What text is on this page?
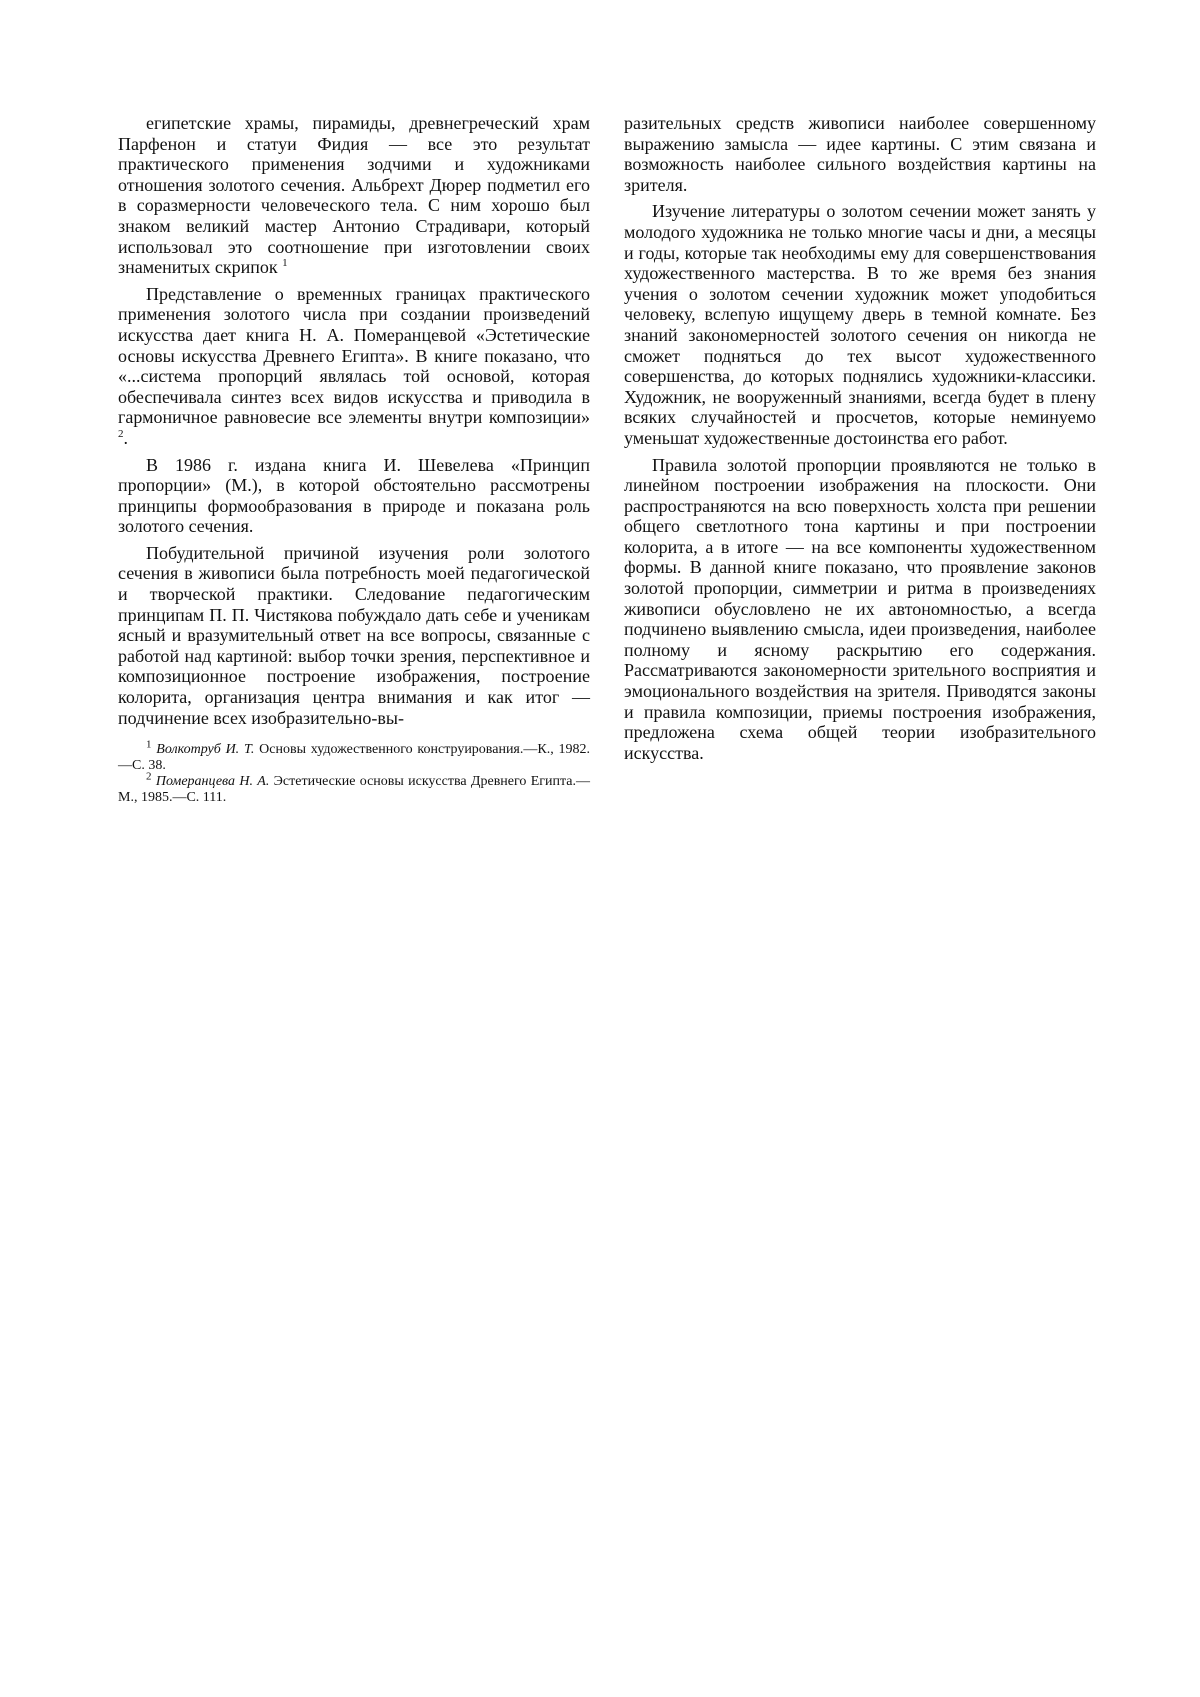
египетские храмы, пирамиды, древнегреческий храм Парфенон и статуи Фидия — все это результат практического применения зодчими и художниками отношения золотого сечения. Альбрехт Дюрер подметил его в соразмерности человеческого тела. С ним хорошо был знаком великий мастер Антонио Страдивари, который использовал это соотношение при изготовлении своих знаменитых скрипок $^1$

Представление о временных границах практического применения золотого числа при создании произведений искусства дает книга Н. А. Померанцевой «Эстетические основы искусства Древнего Египта». В книге показано, что «...система пропорций являлась той основой, которая обеспечивала синтез всех видов искусства и приводила в гармоничное равновесие все элементы внутри композиции» $^2$.

В 1986 г. издана книга И. Шевелева «Принцип пропорции» (М.), в которой обстоятельно рассмотрены принципы формообразования в природе и показана роль золотого сечения.

Побудительной причиной изучения роли золотого сечения в живописи была потребность моей педагогической и творческой практики. Следование педагогическим принципам П. П. Чистякова побуждало дать себе и ученикам ясный и вразумительный ответ на все вопросы, связанные с работой над картиной: выбор точки зрения, перспективное и композиционное построение изображения, построение колорита, организация центра внимания и как итог — подчинение всех изобразительно-вы-

$^1$ Волкотруб И. Т. Основы художественного конструирования.—К., 1982.—С. 38.

$^2$ Померанцева Н. А. Эстетические основы искусства Древнего Египта.—М., 1985.—С. 111.

разительных средств живописи наиболее совершенному выражению замысла — идее картины. С этим связана и возможность наиболее сильного воздействия картины на зрителя.

Изучение литературы о золотом сечении может занять у молодого художника не только многие часы и дни, а месяцы и годы, которые так необходимы ему для совершенствования художественного мастерства. В то же время без знания учения о золотом сечении художник может уподобиться человеку, вслепую ищущему дверь в темной комнате. Без знаний закономерностей золотого сечения он никогда не сможет подняться до тех высот художественного совершенства, до которых поднялись художники-классики. Художник, не вооруженный знаниями, всегда будет в плену всяких случайностей и просчетов, которые неминуемо уменьшат художественные достоинства его работ.

Правила золотой пропорции проявляются не только в линейном построении изображения на плоскости. Они распространяются на всю поверхность холста при решении общего светлотного тона картины и при построении колорита, а в итоге — на все компоненты художественном формы. В данной книге показано, что проявление законов золотой пропорции, симметрии и ритма в произведениях живописи обусловлено не их автономностью, а всегда подчинено выявлению смысла, идеи произведения, наиболее полному и ясному раскрытию его содержания. Рассматриваются закономерности зрительного восприятия и эмоционального воздействия на зрителя. Приводятся законы и правила композиции, приемы построения изображения, предложена схема общей теории изобразительного искусства.
